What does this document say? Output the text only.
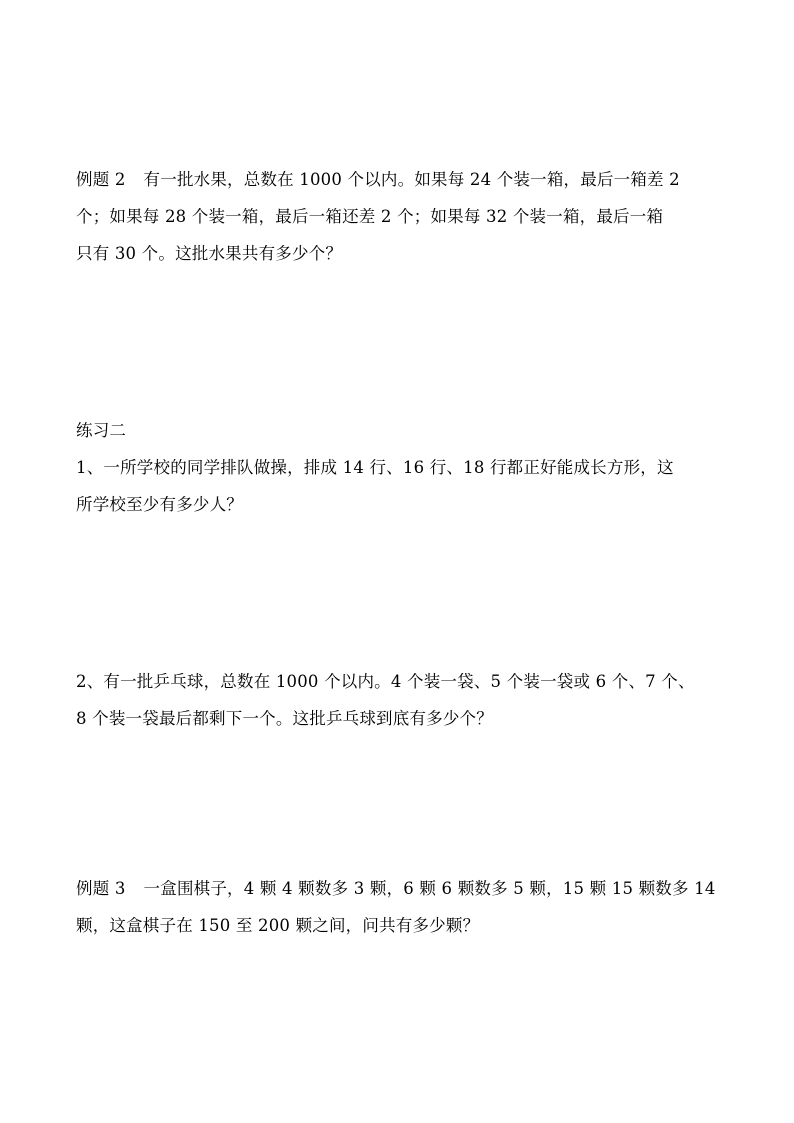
例题 2 有一批水果，总数在 1000 个以内。如果每 24 个装一箱，最后一箱差 2
个；如果每 28 个装一箱，最后一箱还差 2 个；如果每 32 个装一箱，最后一箱
只有 30 个。这批水果共有多少个？
练习二
1、一所学校的同学排队做操，排成 14 行、16 行、18 行都正好能成长方形，这
所学校至少有多少人？
2、有一批乒乓球，总数在 1000 个以内。4 个装一袋、5 个装一袋或 6 个、7 个、
8 个装一袋最后都剩下一个。这批乒乓球到底有多少个？
例题 3 一盒围棋子，4 颗 4 颗数多 3 颗，6 颗 6 颗数多 5 颗，15 颗 15 颗数多 14
颗，这盒棋子在 150 至 200 颗之间，问共有多少颗？
